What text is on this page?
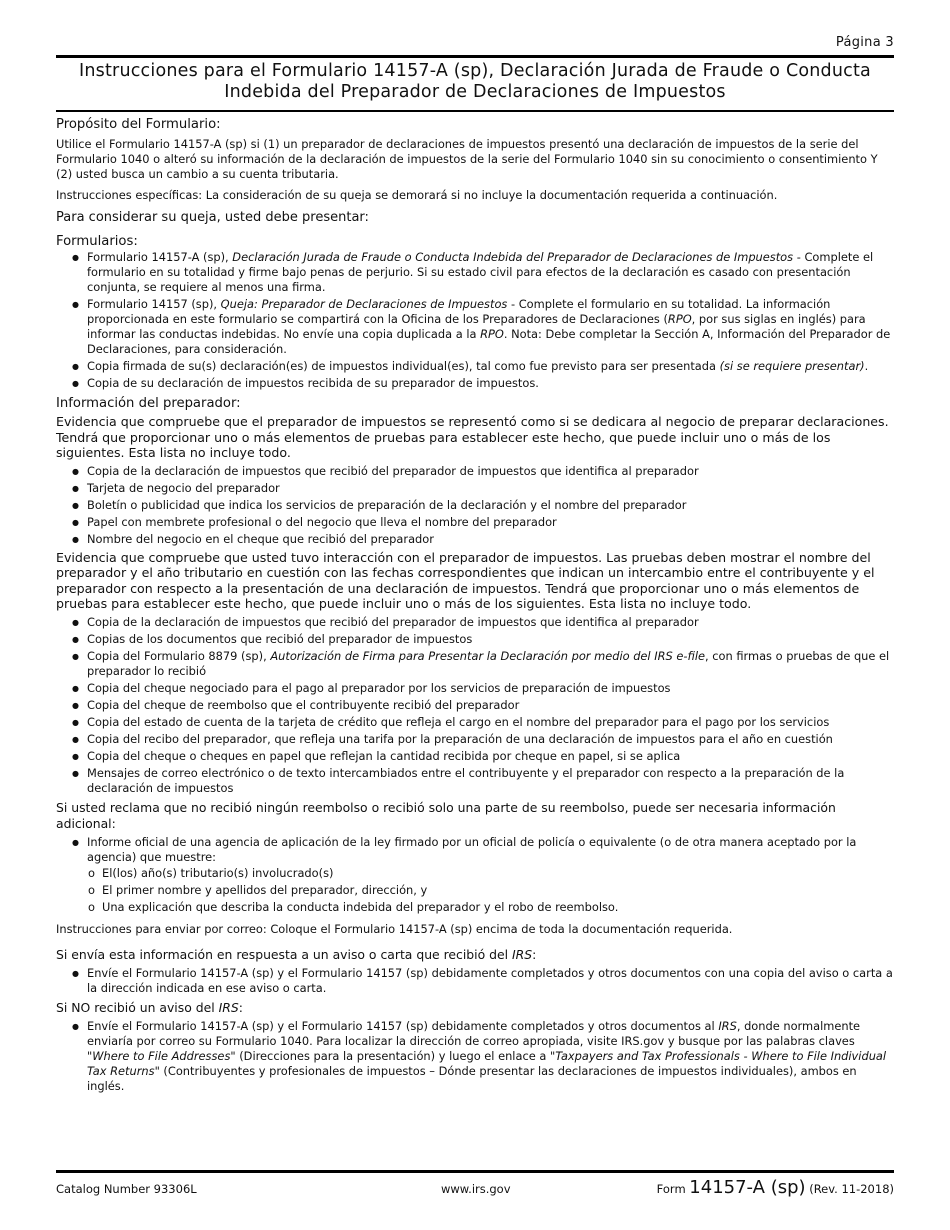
Página 3
Instrucciones para el Formulario 14157-A (sp), Declaración Jurada de Fraude o Conducta
Indebida del Preparador de Declaraciones de Impuestos

Propósito del Formulario:

Utilice el Formulario 14157-A (sp) si (1) un preparador de declaraciones de impuestos presentó una declaración de impuestos de la serie del Formulario 1040 o alteró su información de la declaración de impuestos de la serie del Formulario 1040 sin su conocimiento o consentimiento Y (2) usted busca un cambio a su cuenta tributaria.

Instrucciones específicas: La consideración de su queja se demorará si no incluye la documentación requerida a continuación.

Para considerar su queja, usted debe presentar:

Formularios:

● Formulario 14157-A (sp), Declaración Jurada de Fraude o Conducta Indebida del Preparador de Declaraciones de Impuestos - Complete el formulario en su totalidad y firme bajo penas de perjurio. Si su estado civil para efectos de la declaración es casado con presentación conjunta, se requiere al menos una firma.
● Formulario 14157 (sp), Queja: Preparador de Declaraciones de Impuestos - Complete el formulario en su totalidad. La información proporcionada en este formulario se compartirá con la Oficina de los Preparadores de Declaraciones (RPO, por sus siglas en inglés) para informar las conductas indebidas. No envíe una copia duplicada a la RPO. Nota: Debe completar la Sección A, Información del Preparador de Declaraciones, para consideración.
● Copia firmada de su(s) declaración(es) de impuestos individual(es), tal como fue previsto para ser presentada (si se requiere presentar).
● Copia de su declaración de impuestos recibida de su preparador de impuestos.

Información del preparador:

Evidencia que compruebe que el preparador de impuestos se representó como si se dedicara al negocio de preparar declaraciones. Tendrá que proporcionar uno o más elementos de pruebas para establecer este hecho, que puede incluir uno o más de los siguientes. Esta lista no incluye todo.

● Copia de la declaración de impuestos que recibió del preparador de impuestos que identifica al preparador
● Tarjeta de negocio del preparador
● Boletín o publicidad que indica los servicios de preparación de la declaración y el nombre del preparador
● Papel con membrete profesional o del negocio que lleva el nombre del preparador
● Nombre del negocio en el cheque que recibió del preparador

Evidencia que compruebe que usted tuvo interacción con el preparador de impuestos. Las pruebas deben mostrar el nombre del preparador y el año tributario en cuestión con las fechas correspondientes que indican un intercambio entre el contribuyente y el preparador con respecto a la presentación de una declaración de impuestos. Tendrá que proporcionar uno o más elementos de pruebas para establecer este hecho, que puede incluir uno o más de los siguientes. Esta lista no incluye todo.

● Copia de la declaración de impuestos que recibió del preparador de impuestos que identifica al preparador
● Copias de los documentos que recibió del preparador de impuestos
● Copia del Formulario 8879 (sp), Autorización de Firma para Presentar la Declaración por medio del IRS e-file, con firmas o pruebas de que el preparador lo recibió
● Copia del cheque negociado para el pago al preparador por los servicios de preparación de impuestos
● Copia del cheque de reembolso que el contribuyente recibió del preparador
● Copia del estado de cuenta de la tarjeta de crédito que refleja el cargo en el nombre del preparador para el pago por los servicios
● Copia del recibo del preparador, que refleja una tarifa por la preparación de una declaración de impuestos para el año en cuestión
● Copia del cheque o cheques en papel que reflejan la cantidad recibida por cheque en papel, si se aplica
● Mensajes de correo electrónico o de texto intercambiados entre el contribuyente y el preparador con respecto a la preparación de la declaración de impuestos

Si usted reclama que no recibió ningún reembolso o recibió solo una parte de su reembolso, puede ser necesaria información adicional:

● Informe oficial de una agencia de aplicación de la ley firmado por un oficial de policía o equivalente (o de otra manera aceptado por la agencia) que muestre:
o El(los) año(s) tributario(s) involucrado(s)
o El primer nombre y apellidos del preparador, dirección, y
o Una explicación que describa la conducta indebida del preparador y el robo de reembolso.

Instrucciones para enviar por correo: Coloque el Formulario 14157-A (sp) encima de toda la documentación requerida.

Si envía esta información en respuesta a un aviso o carta que recibió del IRS:

● Envíe el Formulario 14157-A (sp) y el Formulario 14157 (sp) debidamente completados y otros documentos con una copia del aviso o carta a la dirección indicada en ese aviso o carta.

Si NO recibió un aviso del IRS:

● Envíe el Formulario 14157-A (sp) y el Formulario 14157 (sp) debidamente completados y otros documentos al IRS, donde normalmente enviaría por correo su Formulario 1040. Para localizar la dirección de correo apropiada, visite IRS.gov y busque por las palabras claves "Where to File Addresses" (Direcciones para la presentación) y luego el enlace a "Taxpayers and Tax Professionals - Where to File Individual Tax Returns" (Contribuyentes y profesionales de impuestos – Dónde presentar las declaraciones de impuestos individuales), ambos en inglés.
Catalog Number 93306L	www.irs.gov	Form 14157-A (sp) (Rev. 11-2018)
